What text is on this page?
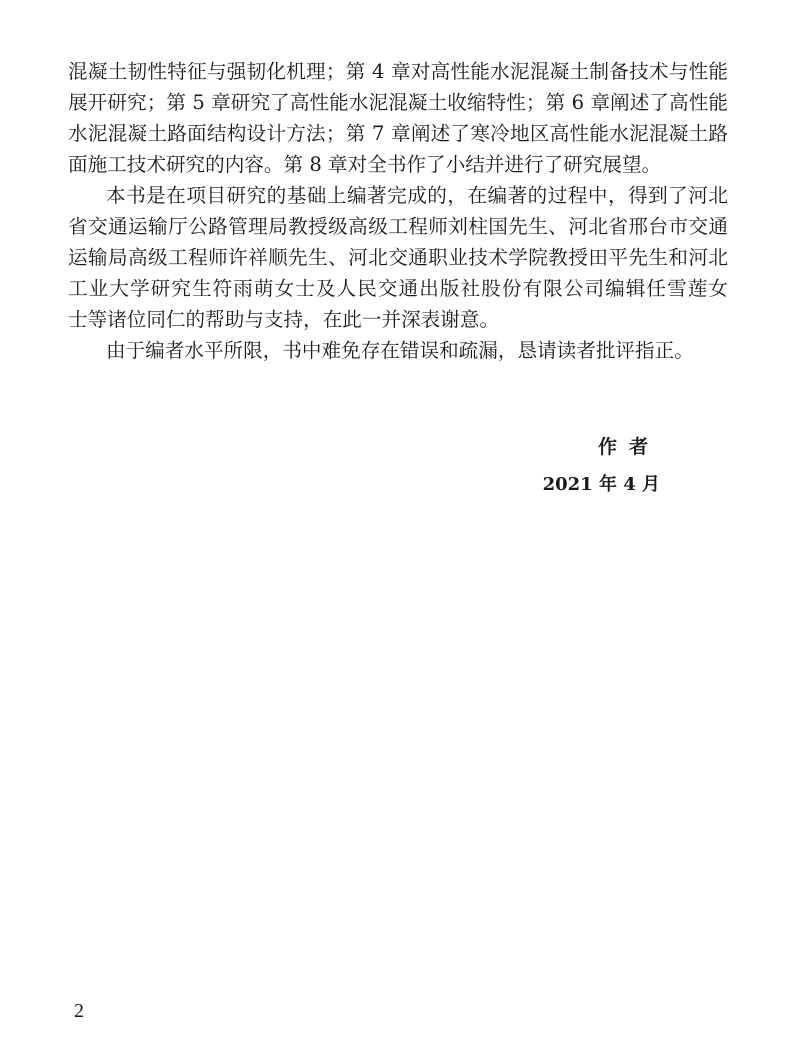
混凝土韧性特征与强韧化机理；第 4 章对高性能水泥混凝土制备技术与性能
展开研究；第 5 章研究了高性能水泥混凝土收缩特性；第 6 章阐述了高性能
水泥混凝土路面结构设计方法；第 7 章阐述了寒冷地区高性能水泥混凝土路
面施工技术研究的内容。第 8 章对全书作了小结并进行了研究展望。
本书是在项目研究的基础上编著完成的，在编著的过程中，得到了河北
省交通运输厅公路管理局教授级高级工程师刘柱国先生、河北省邢台市交通
运输局高级工程师许祥顺先生、河北交通职业技术学院教授田平先生和河北
工业大学研究生符雨萌女士及人民交通出版社股份有限公司编辑任雪莲女
士等诸位同仁的帮助与支持，在此一并深表谢意。
由于编者水平所限，书中难免存在错误和疏漏，恳请读者批评指正。
作者
2021 年 4 月
2
